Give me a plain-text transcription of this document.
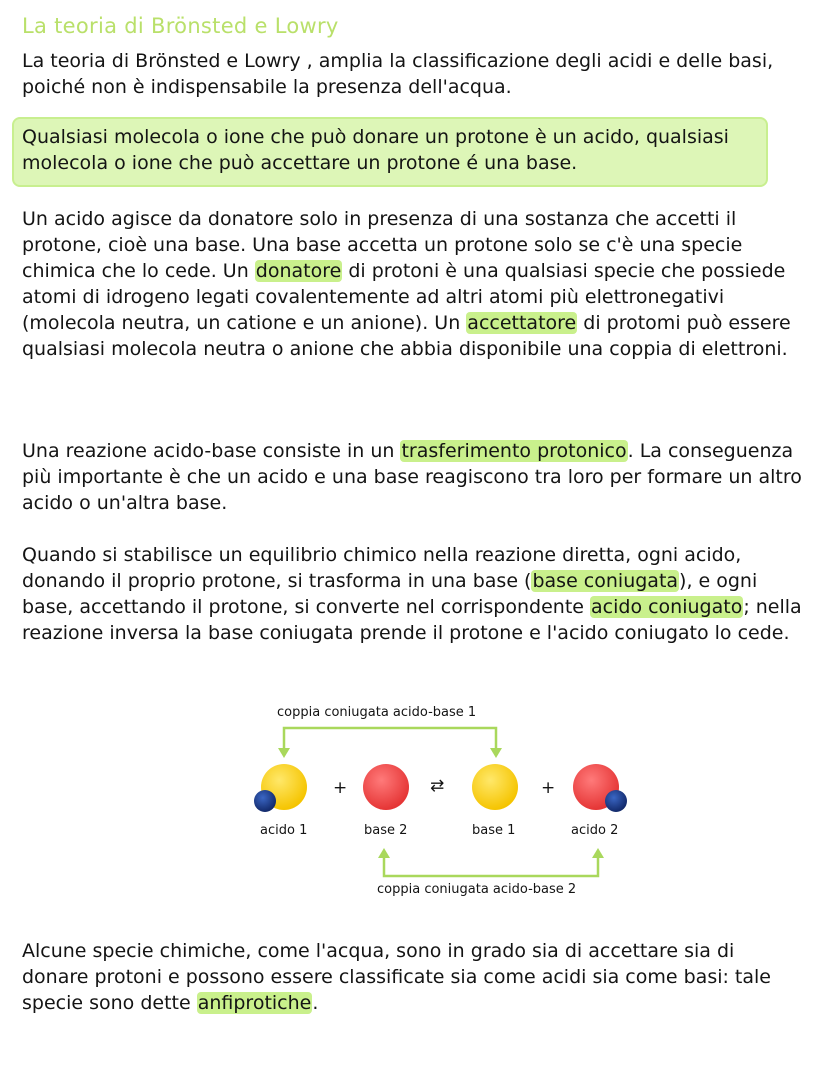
La teoria di Brönsted e Lowry

La teoria di Brönsted e Lowry , amplia la classificazione degli acidi e delle basi, poiché non è indispensabile la presenza dell'acqua.

Qualsiasi molecola o ione che può donare un protone è un acido, qualsiasi molecola o ione che può accettare un protone é una base.

Un acido agisce da donatore solo in presenza di una sostanza che accetti il protone, cioè una base. Una base accetta un protone solo se c'è una specie chimica che lo cede. Un donatore di protoni è una qualsiasi specie che possiede atomi di idrogeno legati covalentemente ad altri atomi più elettronegativi (molecola neutra, un catione e un anione). Un accettatore di protomi può essere qualsiasi molecola neutra o anione che abbia disponibile una coppia di elettroni.

Una reazione acido-base consiste in un trasferimento protonico. La conseguenza più importante è che un acido e una base reagiscono tra loro per formare un altro acido o un'altra base.

Quando si stabilisce un equilibrio chimico nella reazione diretta, ogni acido, donando il proprio protone, si trasforma in una base (base coniugata), e ogni base, accettando il protone, si converte nel corrispondente acido coniugato; nella reazione inversa la base coniugata prende il protone e l'acido coniugato lo cede.

coppia coniugata acido-base 1
+	⇄	+
acido 1	base 2	base 1	acido 2
coppia coniugata acido-base 2

Alcune specie chimiche, come l'acqua, sono in grado sia di accettare sia di donare protoni e possono essere classificate sia come acidi sia come basi: tale specie sono dette anfiprotiche.
